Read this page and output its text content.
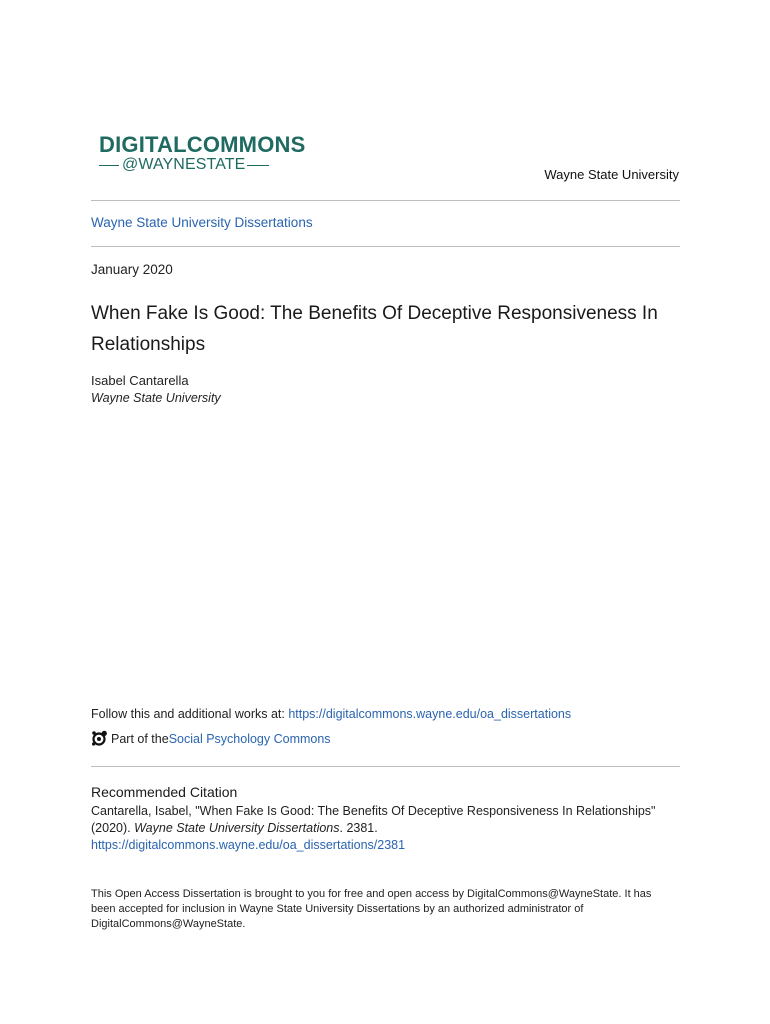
DIGITALCOMMONS
@WAYNESTATE
Wayne State University
Wayne State University Dissertations
January 2020
When Fake Is Good: The Benefits Of Deceptive Responsiveness In
Relationships
Isabel Cantarella
Wayne State University
Follow this and additional works at: https://digitalcommons.wayne.edu/oa_dissertations
Part of the Social Psychology Commons
Recommended Citation
Cantarella, Isabel, "When Fake Is Good: The Benefits Of Deceptive Responsiveness In Relationships"
(2020). Wayne State University Dissertations. 2381.
https://digitalcommons.wayne.edu/oa_dissertations/2381
This Open Access Dissertation is brought to you for free and open access by DigitalCommons@WayneState. It has
been accepted for inclusion in Wayne State University Dissertations by an authorized administrator of
DigitalCommons@WayneState.
